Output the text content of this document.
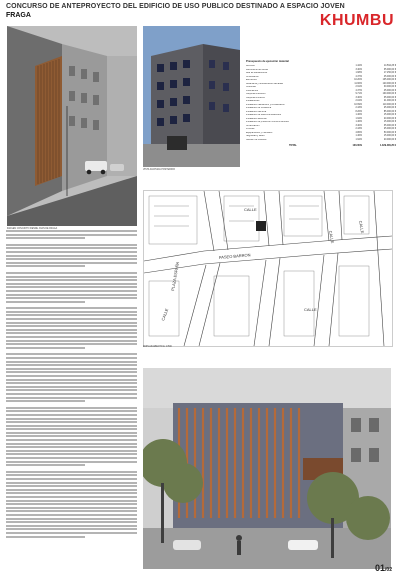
CONCURSO DE ANTEPROYECTO DEL EDIFICIO DE USO PUBLICO DESTINADO A ESPACIO JOVEN
FRAGA	KHUMBU
IMAGEN CONJUNTO DESDE JOAN DE FRAGA
VISTA FACHADA POSTERIOR
Presupuesto de ejecución material
Derribos	1.42%	14.594,25 €
Movimiento de tierras	3.40%	35.000,00 €
Red de saneamiento	1.68%	17.250,00 €
Cimentación	4.37%	45.000,00 €
Estructura	10.20%	105.000,00 €
Albañilería y revestimiento fachadas	11.66%	120.000,00 €
Cubiertas	2.91%	30.000,00 €
Pavimentos	4.37%	45.000,00 €
Carpintería exterior	9.71%	100.000,00 €
Carpintería interior	3.40%	35.000,00 €
Instalaciones	2.04%	21.000,00 €
Instalación calefacción y climatización	10.69%	110.000,00 €
Instalación de fontanería	2.43%	25.000,00 €
Instalación eléctrica	8.26%	85.000,00 €
Instalación de telecomunicaciones	1.46%	15.000,00 €
Instalación ascensor	1.94%	20.000,00 €
Instalación de protección contra incendios	1.46%	15.000,00 €
Urbanización	3.40%	35.000,00 €
Pinturas	2.43%	25.000,00 €
Equipamiento y mobiliario	4.86%	50.000,00 €
Seguridad y salud	1.46%	15.000,00 €
Gestión de residuos	1.94%	20.000,00 €
TOTAL	100.00%	1.029.406,25 €
PASEO BARRON
CALLE
CALLE
PLAZA ESPAÑA
CALLE
CALLE
CALLE
EMPLAZAMIENTO E: 1/500
01/02
